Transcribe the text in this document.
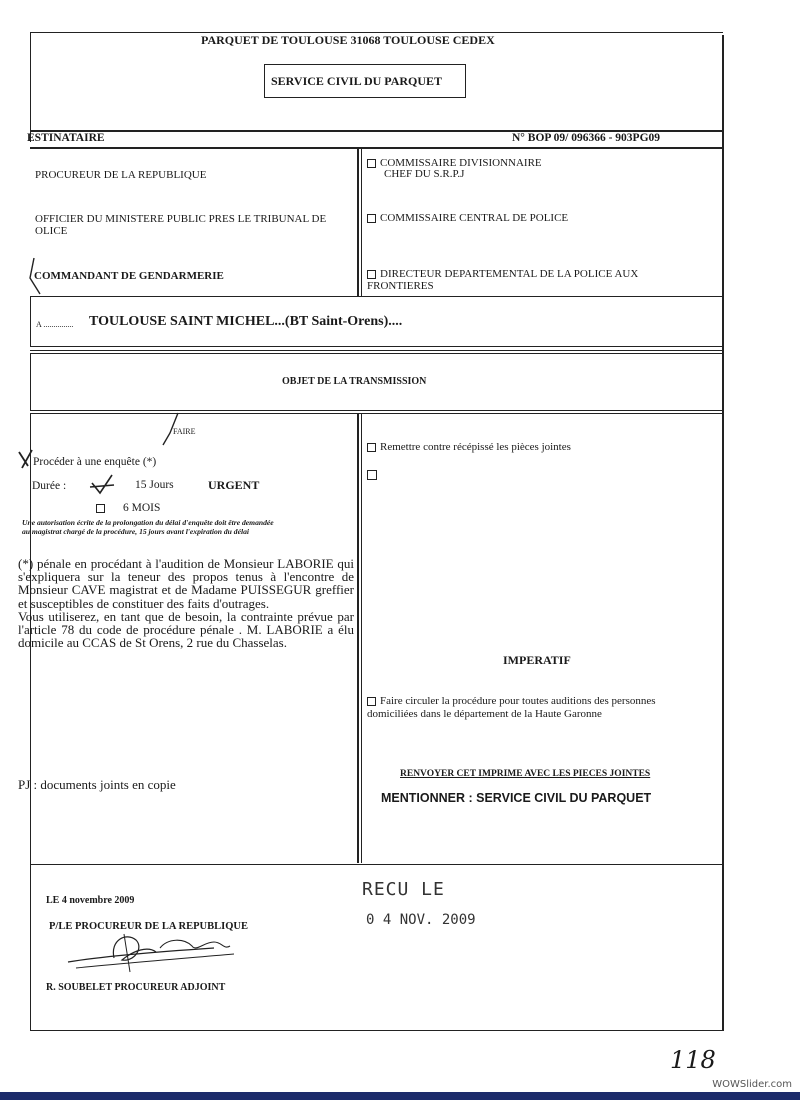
PARQUET DE TOULOUSE 31068 TOULOUSE CEDEX
SERVICE CIVIL DU PARQUET
ESTINATAIRE	N° BOP 09/ 096366 - 903PG09
PROCUREUR DE LA REPUBLIQUE
OFFICIER DU MINISTERE PUBLIC PRES LE TRIBUNAL DE
OLICE
COMMANDANT DE GENDARMERIE
COMMISSAIRE DIVISIONNAIRE
CHEF DU S.R.P.J
COMMISSAIRE CENTRAL DE POLICE
DIRECTEUR DEPARTEMENTAL DE LA POLICE AUX
FRONTIERES
A ............... TOULOUSE SAINT MICHEL...(BT Saint-Orens)....
OBJET DE LA TRANSMISSION
FAIRE
Procéder à une enquête (*)
Durée :	15 Jours	URGENT
6 MOIS
Une autorisation écrite de la prolongation du délai d'enquête doit être demandée
au magistrat chargé de la procédure, 15 jours avant l'expiration du délai

(*) pénale en procédant à l'audition de Monsieur LABORIE qui s'expliquera sur la teneur des propos tenus à l'encontre de Monsieur CAVE magistrat et de Madame PUISSEGUR greffier et susceptibles de constituer des faits d'outrages.

Vous utiliserez, en tant que de besoin, la contrainte prévue par l'article 78 du code de procédure pénale . M. LABORIE a élu domicile au CCAS de St Orens, 2 rue du Chasselas.

PJ : documents joints en copie
Remettre contre récépissé les pièces jointes
IMPERATIF
Faire circuler la procédure pour toutes auditions des personnes
domiciliées dans le département de la Haute Garonne
RENVOYER CET IMPRIME AVEC LES PIECES JOINTES
MENTIONNER : SERVICE CIVIL DU PARQUET
LE 4 novembre 2009
P/LE PROCUREUR DE LA REPUBLIQUE
R. SOUBELET PROCUREUR ADJOINT
RECU LE
0 4 NOV. 2009
118
WOWSlider.com
